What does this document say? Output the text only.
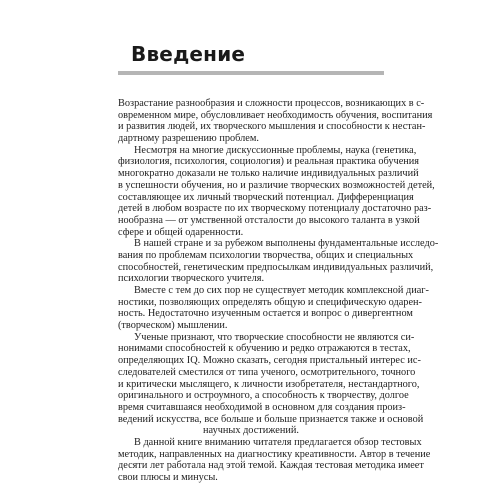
Введение
Возрастание разнообразия и сложности процессов, возникающих в с-
овременном мире, обусловливает необходимость обучения, воспитания
и развития людей, их творческого мышления и способности к нестан-
дартному разрешению проблем.
Несмотря на многие дискуссионные проблемы, наука (генетика,
физиология, психология, социология) и реальная практика обучения
многократно доказали не только наличие индивидуальных различий
в успешности обучения, но и различие творческих возможностей детей,
составляющее их личный творческий потенциал. Дифференциация
детей в любом возрасте по их творческому потенциалу достаточно раз-
нообразна — от умственной отсталости до высокого таланта в узкой
сфере и общей одаренности.
В нашей стране и за рубежом выполнены фундаментальные исследо-
вания по проблемам психологии творчества, общих и специальных
способностей, генетическим предпосылкам индивидуальных различий,
психологии творческого учителя.
Вместе с тем до сих пор не существует методик комплексной диаг-
ностики, позволяющих определять общую и специфическую одарен-
ность. Недостаточно изученным остается и вопрос о дивергентном
(творческом) мышлении.
Ученые признают, что творческие способности не являются си-
нонимами способностей к обучению и редко отражаются в тестах,
определяющих IQ. Можно сказать, сегодня пристальный интерес ис-
следователей сместился от типа ученого, осмотрительного, точного
и критически мыслящего, к личности изобретателя, нестандартного,
оригинального и остроумного, а способность к творчеству, долгое
время считавшаяся необходимой в основном для создания произ-
ведений искусства, все больше и больше признается также и основой
научных достижений.
В данной книге вниманию читателя предлагается обзор тестовых
методик, направленных на диагностику креативности. Автор в течение
десяти лет работала над этой темой. Каждая тестовая методика имеет
свои плюсы и минусы.
